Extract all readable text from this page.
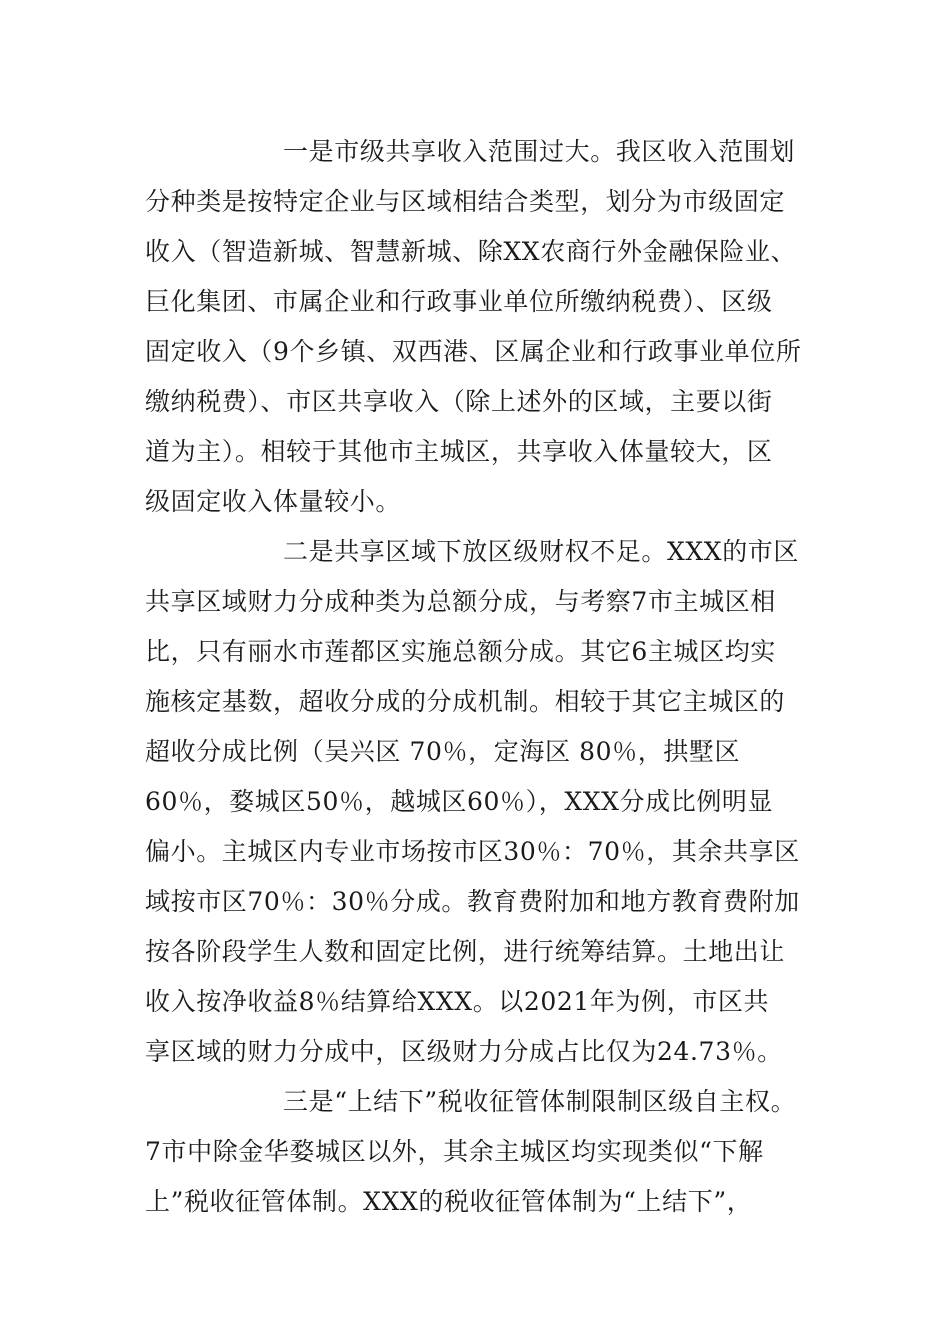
一是市级共享收入范围过大。我区收入范围划
分种类是按特定企业与区域相结合类型，划分为市级固定
收入（智造新城、智慧新城、除XX农商行外金融保险业、
巨化集团、市属企业和行政事业单位所缴纳税费）、区级
固定收入（9个乡镇、双西港、区属企业和行政事业单位所
缴纳税费）、市区共享收入（除上述外的区域，主要以街
道为主）。相较于其他市主城区，共享收入体量较大，区
级固定收入体量较小。
二是共享区域下放区级财权不足。XXX的市区
共享区域财力分成种类为总额分成，与考察7市主城区相
比，只有丽水市莲都区实施总额分成。其它6主城区均实
施核定基数，超收分成的分成机制。相较于其它主城区的
超收分成比例（吴兴区 70％，定海区 80％，拱墅区
60％，婺城区50％，越城区60％），XXX分成比例明显
偏小。主城区内专业市场按市区30％：70％，其余共享区
域按市区70％：30％分成。教育费附加和地方教育费附加
按各阶段学生人数和固定比例，进行统筹结算。土地出让
收入按净收益8％结算给XXX。以2021年为例，市区共
享区域的财力分成中，区级财力分成占比仅为24.73％。
三是“上结下”税收征管体制限制区级自主权。
7市中除金华婺城区以外，其余主城区均实现类似“下解
上”税收征管体制。XXX的税收征管体制为“上结下”，
